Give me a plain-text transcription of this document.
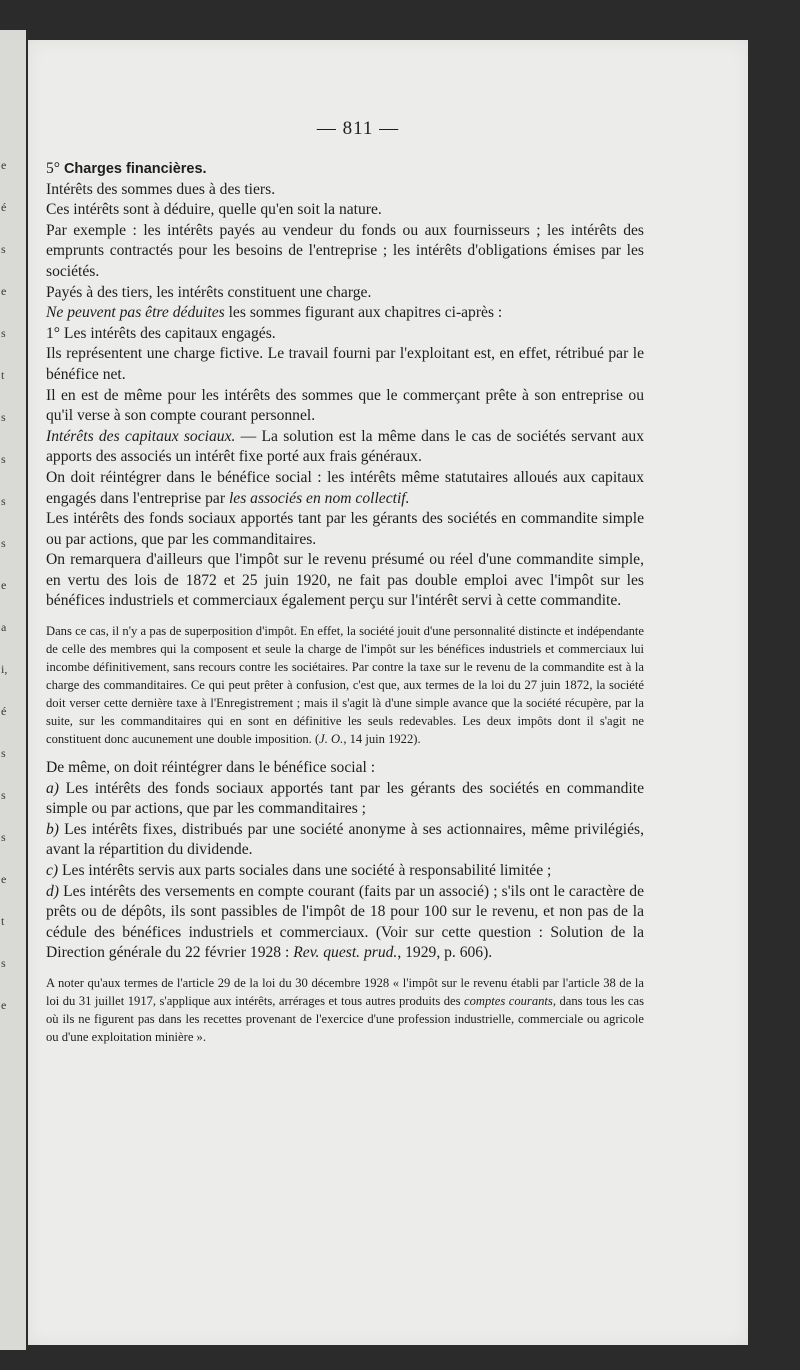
e
é
s
e
s
t
s
s
s
s
e
a
i,
é
s
s
s
e
t
s
e
— 811 —

5° Charges financières.

Intérêts des sommes dues à des tiers.

Ces intérêts sont à déduire, quelle qu'en soit la nature.

Par exemple : les intérêts payés au vendeur du fonds ou aux fournisseurs ; les intérêts des emprunts contractés pour les besoins de l'entreprise ; les intérêts d'obligations émises par les sociétés.

Payés à des tiers, les intérêts constituent une charge.

Ne peuvent pas être déduites les sommes figurant aux chapitres ci-après :

1° Les intérêts des capitaux engagés.

Ils représentent une charge fictive. Le travail fourni par l'exploitant est, en effet, rétribué par le bénéfice net.

Il en est de même pour les intérêts des sommes que le commerçant prête à son entreprise ou qu'il verse à son compte courant personnel.

Intérêts des capitaux sociaux. — La solution est la même dans le cas de sociétés servant aux apports des associés un intérêt fixe porté aux frais généraux.

On doit réintégrer dans le bénéfice social : les intérêts même statutaires alloués aux capitaux engagés dans l'entreprise par les associés en nom collectif.

Les intérêts des fonds sociaux apportés tant par les gérants des sociétés en commandite simple ou par actions, que par les commanditaires.

On remarquera d'ailleurs que l'impôt sur le revenu présumé ou réel d'une commandite simple, en vertu des lois de 1872 et 25 juin 1920, ne fait pas double emploi avec l'impôt sur les bénéfices industriels et commerciaux également perçu sur l'intérêt servi à cette commandite.

Dans ce cas, il n'y a pas de superposition d'impôt. En effet, la société jouit d'une personnalité distincte et indépendante de celle des membres qui la composent et seule la charge de l'impôt sur les bénéfices industriels et commerciaux lui incombe définitivement, sans recours contre les sociétaires. Par contre la taxe sur le revenu de la commandite est à la charge des commanditaires. Ce qui peut prêter à confusion, c'est que, aux termes de la loi du 27 juin 1872, la société doit verser cette dernière taxe à l'Enregistrement ; mais il s'agit là d'une simple avance que la société récupère, par la suite, sur les commanditaires qui en sont en définitive les seuls redevables. Les deux impôts dont il s'agit ne constituent donc aucunement une double imposition. (J. O., 14 juin 1922).

De même, on doit réintégrer dans le bénéfice social :

a) Les intérêts des fonds sociaux apportés tant par les gérants des sociétés en commandite simple ou par actions, que par les commanditaires ;

b) Les intérêts fixes, distribués par une société anonyme à ses actionnaires, même privilégiés, avant la répartition du dividende.

c) Les intérêts servis aux parts sociales dans une société à responsabilité limitée ;

d) Les intérêts des versements en compte courant (faits par un associé) ; s'ils ont le caractère de prêts ou de dépôts, ils sont passibles de l'impôt de 18 pour 100 sur le revenu, et non pas de la cédule des bénéfices industriels et commerciaux. (Voir sur cette question : Solution de la Direction générale du 22 février 1928 : Rev. quest. prud., 1929, p. 606).

A noter qu'aux termes de l'article 29 de la loi du 30 décembre 1928 « l'impôt sur le revenu établi par l'article 38 de la loi du 31 juillet 1917, s'applique aux intérêts, arrérages et tous autres produits des comptes courants, dans tous les cas où ils ne figurent pas dans les recettes provenant de l'exercice d'une profession industrielle, commerciale ou agricole ou d'une exploitation minière ».
